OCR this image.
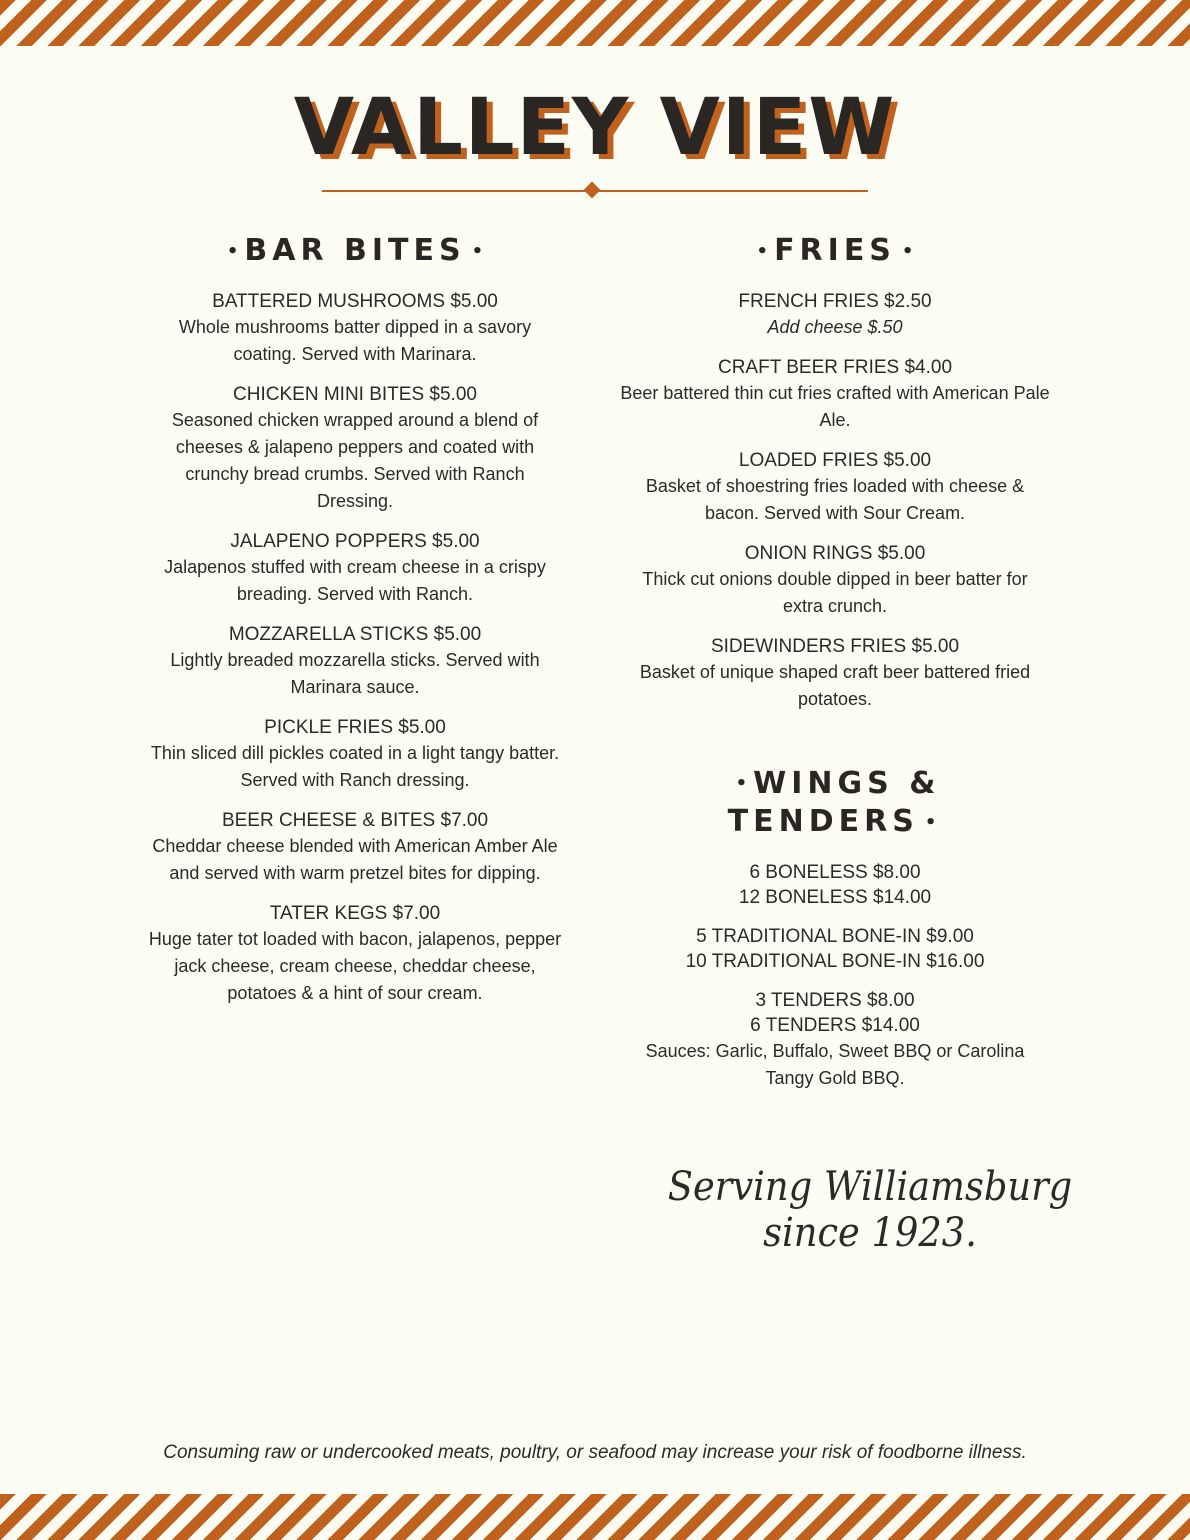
VALLEY VIEW
• BAR BITES •

BATTERED MUSHROOMS $5.00

Whole mushrooms batter dipped in a savory coating. Served with Marinara.

CHICKEN MINI BITES $5.00

Seasoned chicken wrapped around a blend of cheeses & jalapeno peppers and coated with crunchy bread crumbs. Served with Ranch Dressing.

JALAPENO POPPERS $5.00

Jalapenos stuffed with cream cheese in a crispy breading. Served with Ranch.

MOZZARELLA STICKS $5.00

Lightly breaded mozzarella sticks. Served with Marinara sauce.

PICKLE FRIES $5.00

Thin sliced dill pickles coated in a light tangy batter. Served with Ranch dressing.

BEER CHEESE & BITES $7.00

Cheddar cheese blended with American Amber Ale and served with warm pretzel bites for dipping.

TATER KEGS $7.00

Huge tater tot loaded with bacon, jalapenos, pepper jack cheese, cream cheese, cheddar cheese, potatoes & a hint of sour cream.

• FRIES •

FRENCH FRIES $2.50

Add cheese $.50

CRAFT BEER FRIES $4.00

Beer battered thin cut fries crafted with American Pale Ale.

LOADED FRIES $5.00

Basket of shoestring fries loaded with cheese & bacon. Served with Sour Cream.

ONION RINGS $5.00

Thick cut onions double dipped in beer batter for extra crunch.

SIDEWINDERS FRIES $5.00

Basket of unique shaped craft beer battered fried potatoes.

• WINGS & TENDERS •

6 BONELESS $8.00

12 BONELESS $14.00

5 TRADITIONAL BONE-IN $9.00

10 TRADITIONAL BONE-IN $16.00

3 TENDERS $8.00

6 TENDERS $14.00

Sauces: Garlic, Buffalo, Sweet BBQ or Carolina Tangy Gold BBQ.

Serving Williamsburg since 1923.
Consuming raw or undercooked meats, poultry, or seafood may increase your risk of foodborne illness.
